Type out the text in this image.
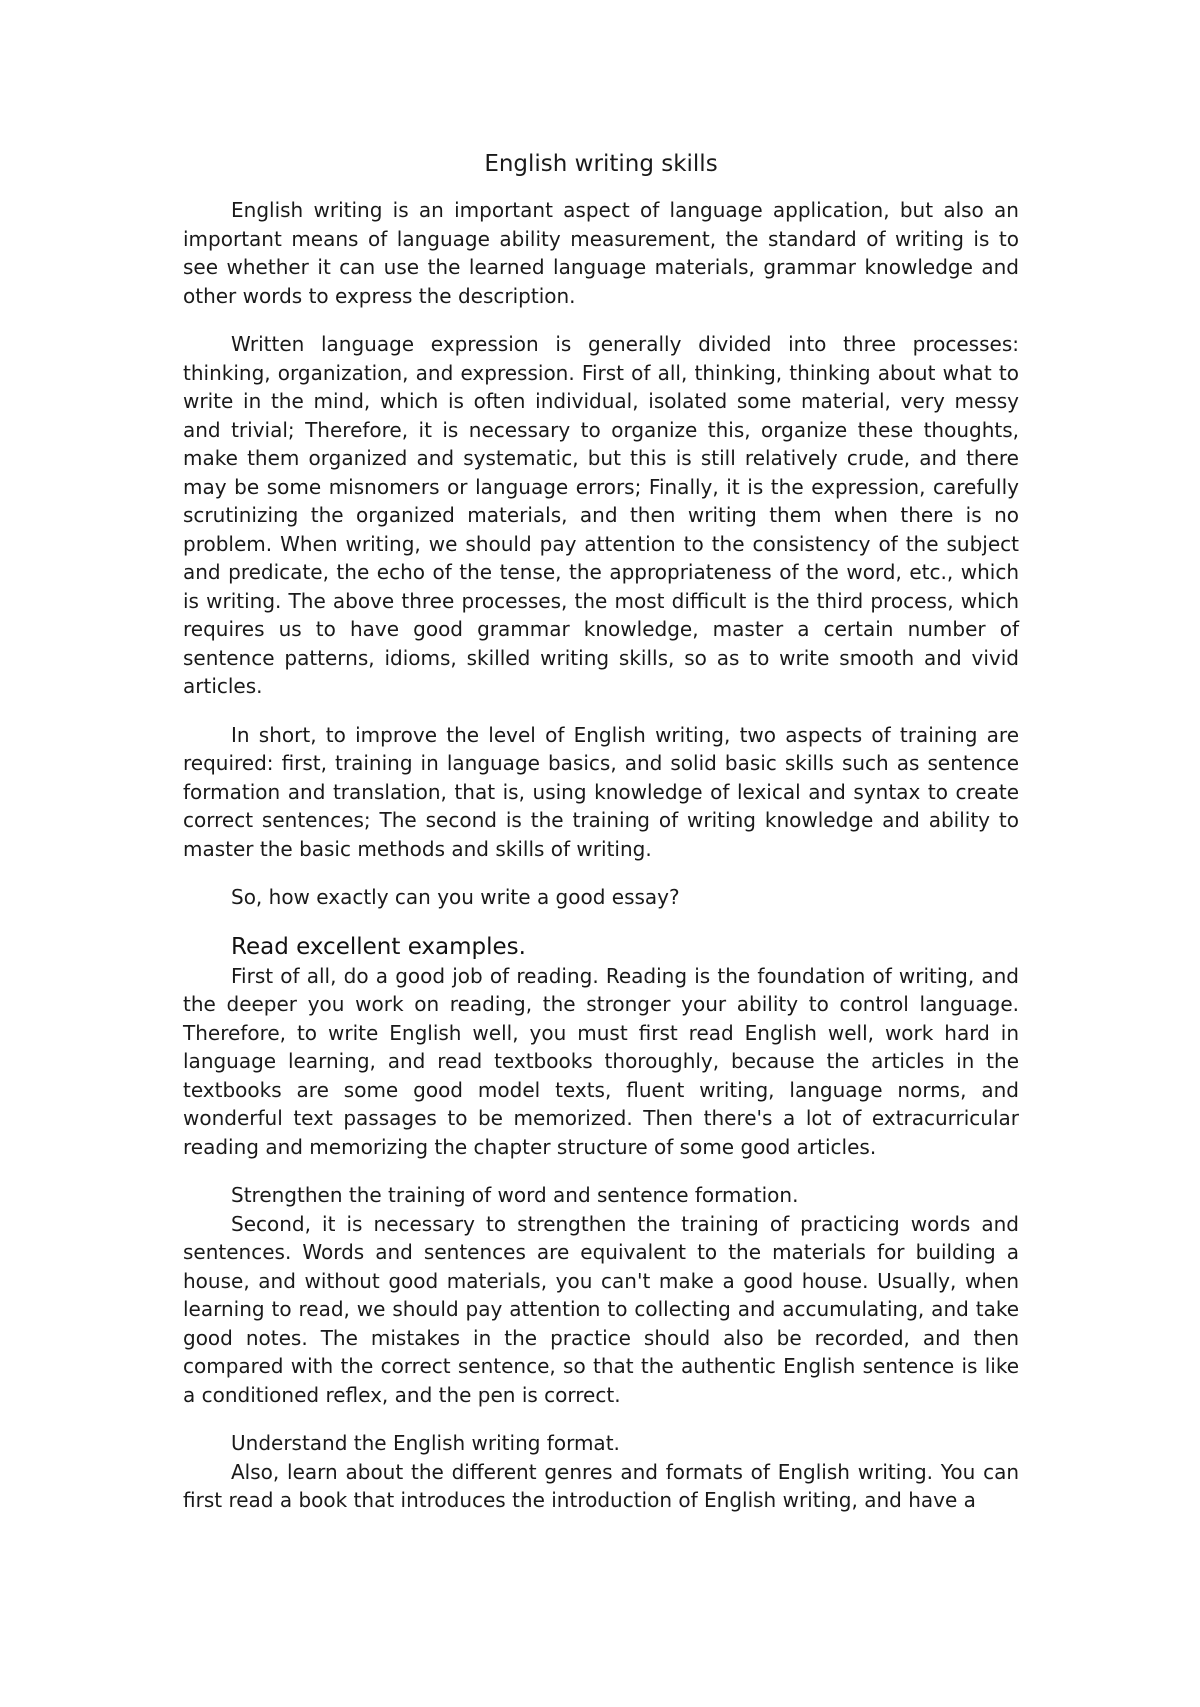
English writing skills

English writing is an important aspect of language application, but also an important means of language ability measurement, the standard of writing is to see whether it can use the learned language materials, grammar knowledge and other words to express the description.

Written language expression is generally divided into three processes: thinking, organization, and expression. First of all, thinking, thinking about what to write in the mind, which is often individual, isolated some material, very messy and trivial; Therefore, it is necessary to organize this, organize these thoughts, make them organized and systematic, but this is still relatively crude, and there may be some misnomers or language errors; Finally, it is the expression, carefully scrutinizing the organized materials, and then writing them when there is no problem. When writing, we should pay attention to the consistency of the subject and predicate, the echo of the tense, the appropriateness of the word, etc., which is writing. The above three processes, the most difficult is the third process, which requires us to have good grammar knowledge, master a certain number of sentence patterns, idioms, skilled writing skills, so as to write smooth and vivid articles.

In short, to improve the level of English writing, two aspects of training are required: first, training in language basics, and solid basic skills such as sentence formation and translation, that is, using knowledge of lexical and syntax to create correct sentences; The second is the training of writing knowledge and ability to master the basic methods and skills of writing.

So, how exactly can you write a good essay?

Read excellent examples.

First of all, do a good job of reading. Reading is the foundation of writing, and the deeper you work on reading, the stronger your ability to control language. Therefore, to write English well, you must first read English well, work hard in language learning, and read textbooks thoroughly, because the articles in the textbooks are some good model texts, fluent writing, language norms, and wonderful text passages to be memorized. Then there's a lot of extracurricular reading and memorizing the chapter structure of some good articles.

Strengthen the training of word and sentence formation.

Second, it is necessary to strengthen the training of practicing words and sentences. Words and sentences are equivalent to the materials for building a house, and without good materials, you can't make a good house. Usually, when learning to read, we should pay attention to collecting and accumulating, and take good notes. The mistakes in the practice should also be recorded, and then compared with the correct sentence, so that the authentic English sentence is like a conditioned reflex, and the pen is correct.

Understand the English writing format.

Also, learn about the different genres and formats of English writing. You can first read a book that introduces the introduction of English writing, and have a
